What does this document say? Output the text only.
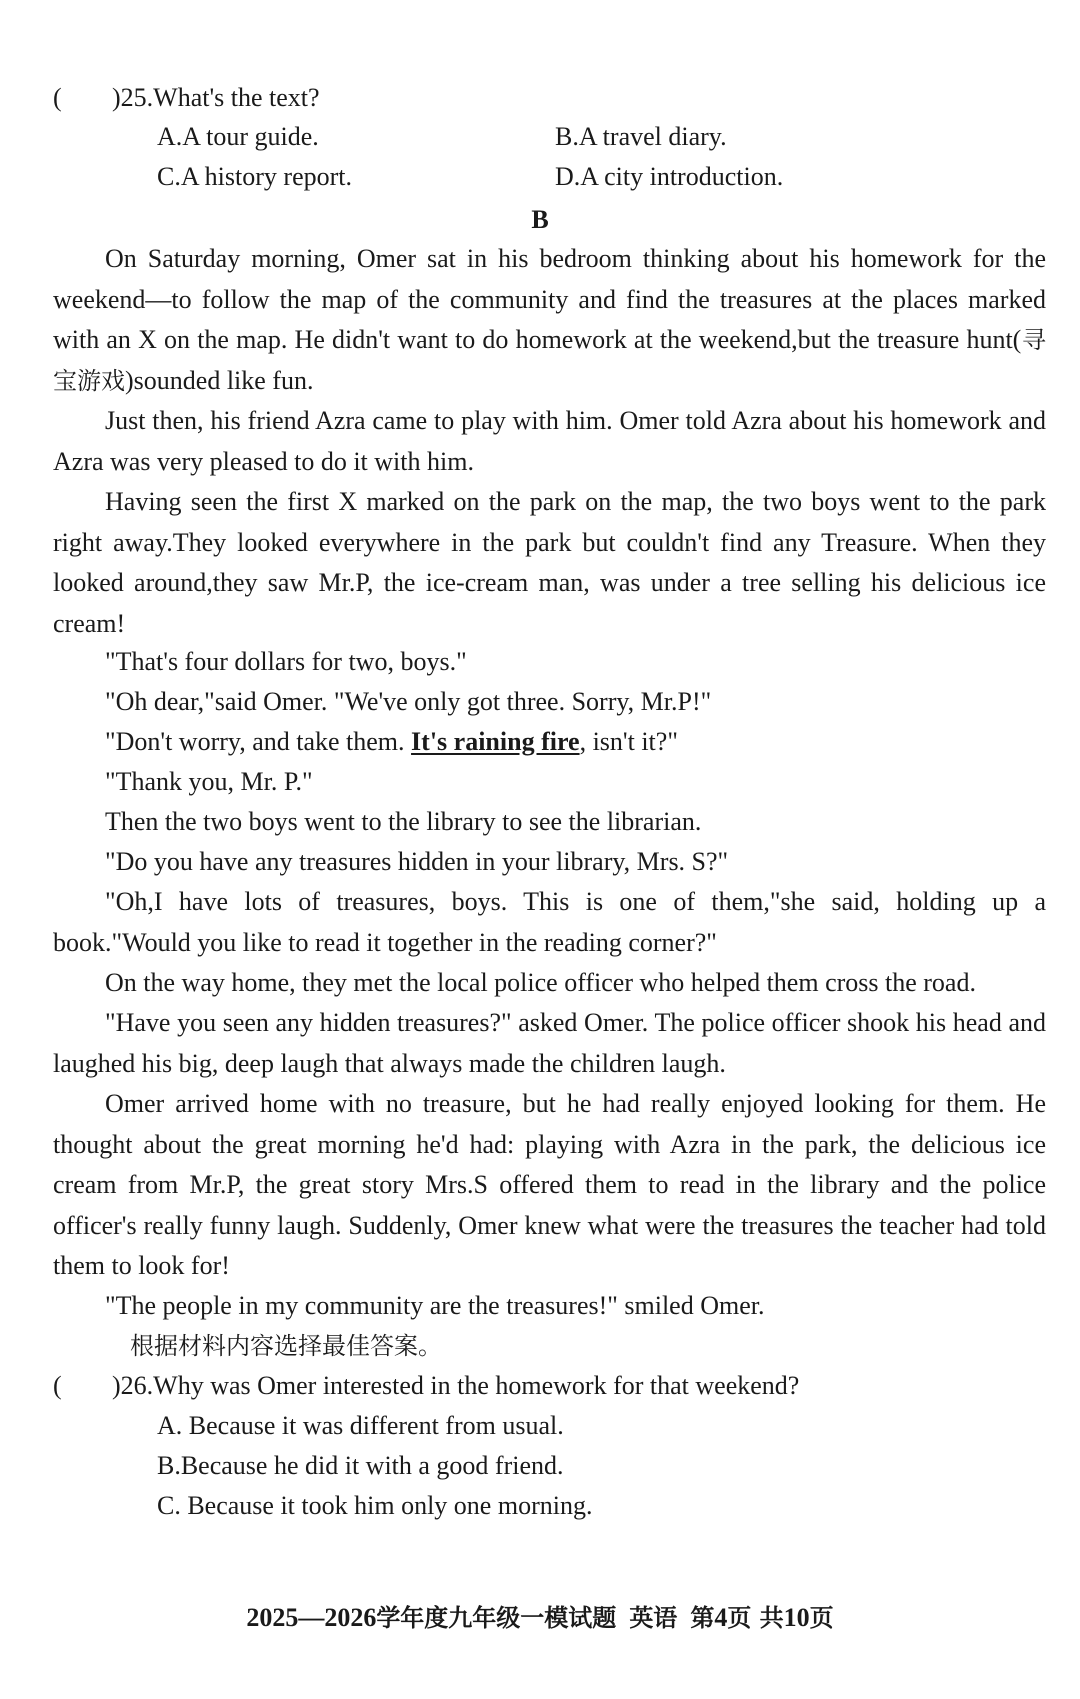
( )25.What's the text?
A.A tour guide.	B.A travel diary.
C.A history report.	D.A city introduction.
B
On Saturday morning, Omer sat in his bedroom thinking about his homework for the weekend—to follow the map of the community and find the treasures at the places marked with an X on the map. He didn't want to do homework at the weekend,but the treasure hunt(寻宝游戏)sounded like fun.
Just then, his friend Azra came to play with him. Omer told Azra about his homework and Azra was very pleased to do it with him.
Having seen the first X marked on the park on the map, the two boys went to the park right away.They looked everywhere in the park but couldn't find any Treasure. When they looked around,they saw Mr.P, the ice-cream man, was under a tree selling his delicious ice cream!
"That's four dollars for two, boys."
"Oh dear,"said Omer. "We've only got three. Sorry, Mr.P!"
"Don't worry, and take them. It's raining fire, isn't it?"
"Thank you, Mr. P."
Then the two boys went to the library to see the librarian.
"Do you have any treasures hidden in your library, Mrs. S?"
"Oh,I have lots of treasures, boys. This is one of them,"she said, holding up a book."Would you like to read it together in the reading corner?"
On the way home, they met the local police officer who helped them cross the road.
"Have you seen any hidden treasures?" asked Omer. The police officer shook his head and laughed his big, deep laugh that always made the children laugh.
Omer arrived home with no treasure, but he had really enjoyed looking for them. He thought about the great morning he'd had: playing with Azra in the park, the delicious ice cream from Mr.P, the great story Mrs.S offered them to read in the library and the police officer's really funny laugh. Suddenly, Omer knew what were the treasures the teacher had told them to look for!
"The people in my community are the treasures!" smiled Omer.
根据材料内容选择最佳答案。
( )26.Why was Omer interested in the homework for that weekend?
A. Because it was different from usual.
B.Because he did it with a good friend.
C. Because it took him only one morning.
2025—2026学年度九年级一模试题 英语 第4页 共10页
